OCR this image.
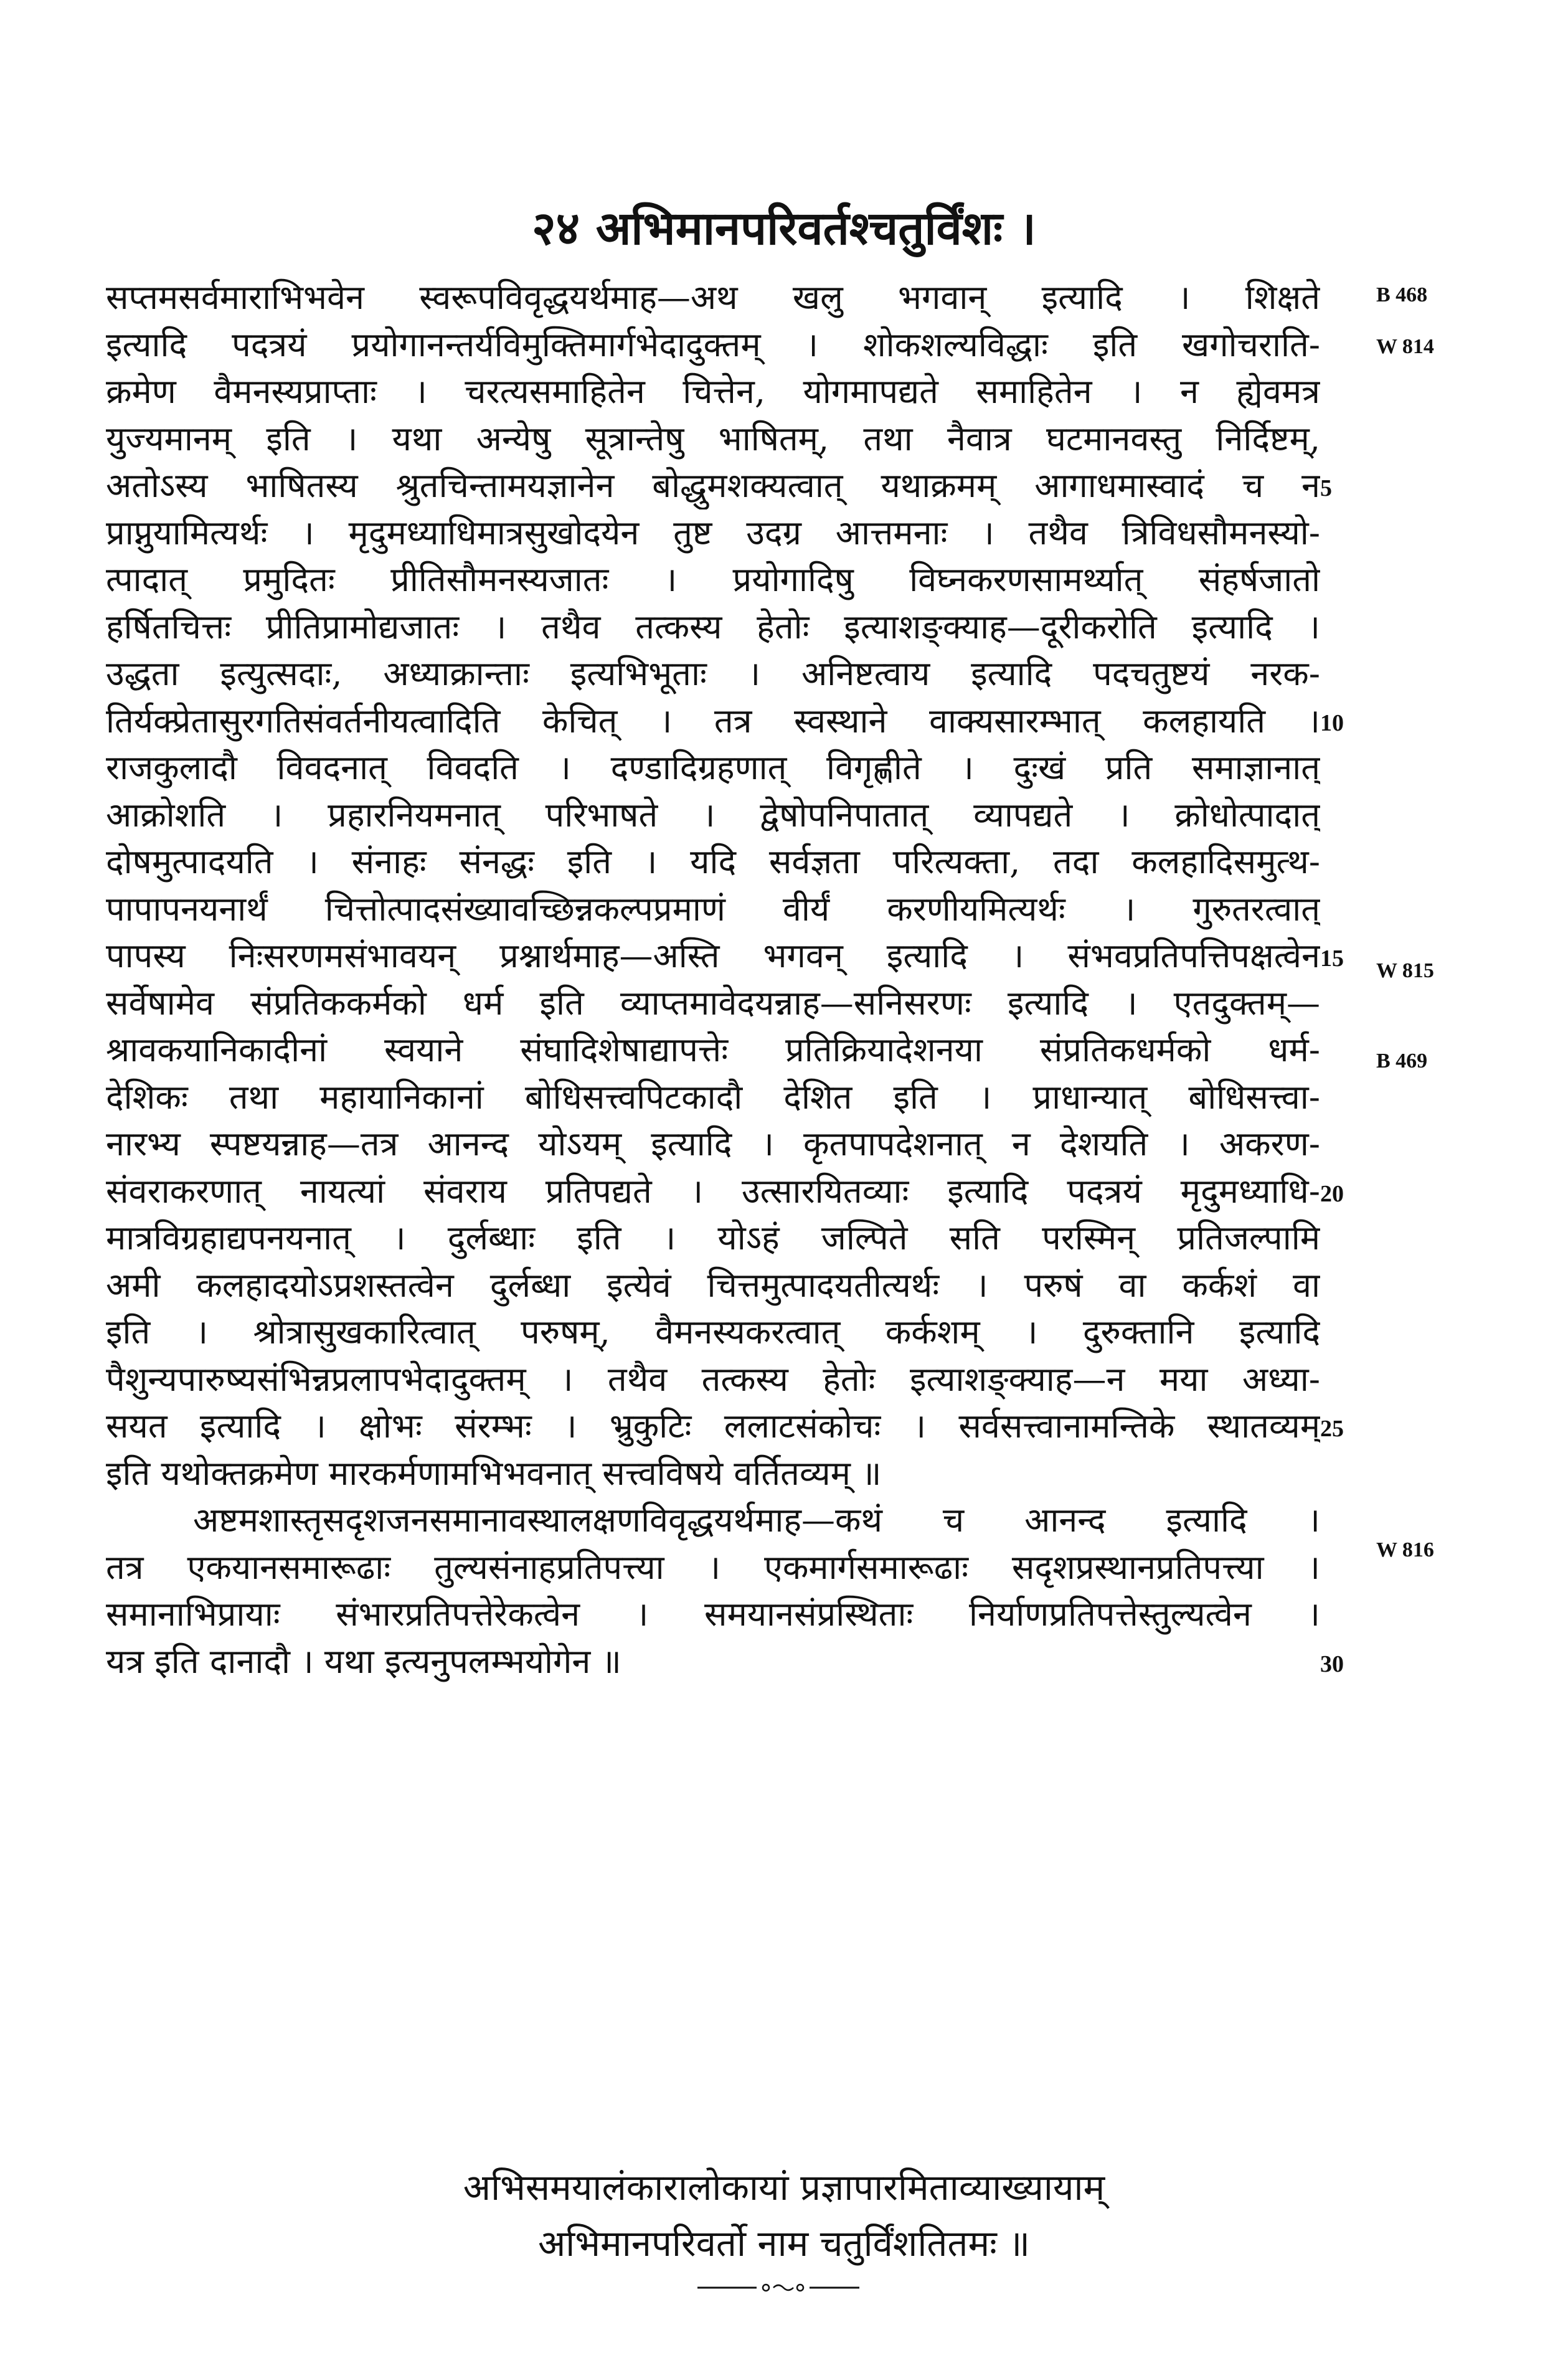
२४ अभिमानपरिवर्तश्चतुर्विंशः ।
सप्तमसर्वमाराभिभवेन स्वरूपविवृद्धयर्थमाह—अथ खलु भगवान् इत्यादि । शिक्षते
इत्यादि पदत्रयं प्रयोगानन्तर्यविमुक्तिमार्गभेदादुक्तम् । शोकशल्यविद्धाः इति खगोचराति-
क्रमेण वैमनस्यप्राप्ताः । चरत्यसमाहितेन चित्तेन, योगमापद्यते समाहितेन । न ह्येवमत्र
युज्यमानम् इति । यथा अन्येषु सूत्रान्तेषु भाषितम्, तथा नैवात्र घटमानवस्तु निर्दिष्टम्,
अतोऽस्य भाषितस्य श्रुतचिन्तामयज्ञानेन बोद्धुमशक्यत्वात् यथाक्रमम् आगाधमास्वादं च न
प्राप्नुयामित्यर्थः । मृदुमध्याधिमात्रसुखोदयेन तुष्ट उदग्र आत्तमनाः । तथैव त्रिविधसौमनस्यो-
त्पादात् प्रमुदितः प्रीतिसौमनस्यजातः । प्रयोगादिषु विघ्नकरणसामर्थ्यात् संहर्षजातो
हर्षितचित्तः प्रीतिप्रामोद्यजातः । तथैव तत्कस्य हेतोः इत्याशङ्क्याह—दूरीकरोति इत्यादि ।
उद्धता इत्युत्सदाः, अध्याक्रान्ताः इत्यभिभूताः । अनिष्टत्वाय इत्यादि पदचतुष्टयं नरक-
तिर्यक्प्रेतासुरगतिसंवर्तनीयत्वादिति केचित् । तत्र स्वस्थाने वाक्यसारम्भात् कलहायति ।
राजकुलादौ विवदनात् विवदति । दण्डादिग्रहणात् विगृह्णीते । दुःखं प्रति समाज्ञानात्
आक्रोशति । प्रहारनियमनात् परिभाषते । द्वेषोपनिपातात् व्यापद्यते । क्रोधोत्पादात्
दोषमुत्पादयति । संनाहः संनद्धः इति । यदि सर्वज्ञता परित्यक्ता, तदा कलहादिसमुत्थ-
पापापनयनार्थं चित्तोत्पादसंख्यावच्छिन्नकल्पप्रमाणं वीर्यं करणीयमित्यर्थः । गुरुतरत्वात्
पापस्य निःसरणमसंभावयन् प्रश्नार्थमाह—अस्ति भगवन् इत्यादि । संभवप्रतिपत्तिपक्षत्वेन
सर्वेषामेव संप्रतिककर्मको धर्म इति व्याप्तमावेदयन्नाह—सनिसरणः इत्यादि । एतदुक्तम्—
श्रावकयानिकादीनां स्वयाने संघादिशेषाद्यापत्तेः प्रतिक्रियादेशनया संप्रतिकधर्मको धर्म-
देशिकः तथा महायानिकानां बोधिसत्त्वपिटकादौ देशित इति । प्राधान्यात् बोधिसत्त्वा-
नारभ्य स्पष्टयन्नाह—तत्र आनन्द योऽयम् इत्यादि । कृतपापदेशनात् न देशयति । अकरण-
संवराकरणात् नायत्यां संवराय प्रतिपद्यते । उत्सारयितव्याः इत्यादि पदत्रयं मृदुमध्याधि-
मात्रविग्रहाद्यपनयनात् । दुर्लब्धाः इति । योऽहं जल्पिते सति परस्मिन् प्रतिजल्पामि
अमी कलहादयोऽप्रशस्तत्वेन दुर्लब्धा इत्येवं चित्तमुत्पादयतीत्यर्थः । परुषं वा कर्कशं वा
इति । श्रोत्रासुखकारित्वात् परुषम्, वैमनस्यकरत्वात् कर्कशम् । दुरुक्तानि इत्यादि
पैशुन्यपारुष्यसंभिन्नप्रलापभेदादुक्तम् । तथैव तत्कस्य हेतोः इत्याशङ्क्याह—न मया अध्या-
सयत इत्यादि । क्षोभः संरम्भः । भ्रुकुटिः ललाटसंकोचः । सर्वसत्त्वानामन्तिके स्थातव्यम्
इति यथोक्तक्रमेण मारकर्मणामभिभवनात् सत्त्वविषये वर्तितव्यम् ॥
अष्टमशास्तृसदृशजनसमानावस्थालक्षणविवृद्धयर्थमाह—कथं च आनन्द इत्यादि ।
तत्र एकयानसमारूढाः तुल्यसंनाहप्रतिपत्त्या । एकमार्गसमारूढाः सदृशप्रस्थानप्रतिपत्त्या ।
समानाभिप्रायाः संभारप्रतिपत्तेरेकत्वेन । समयानसंप्रस्थिताः निर्याणप्रतिपत्तेस्तुल्यत्वेन ।
यत्र इति दानादौ । यथा इत्यनुपलम्भयोगेन ॥
5
10
15
20
25
30
B 468
W 814
W 815
B 469
W 816
अभिसमयालंकारालोकायां प्रज्ञापारमिताव्याख्यायाम्
अभिमानपरिवर्तो नाम चतुर्विंशतितमः ॥
